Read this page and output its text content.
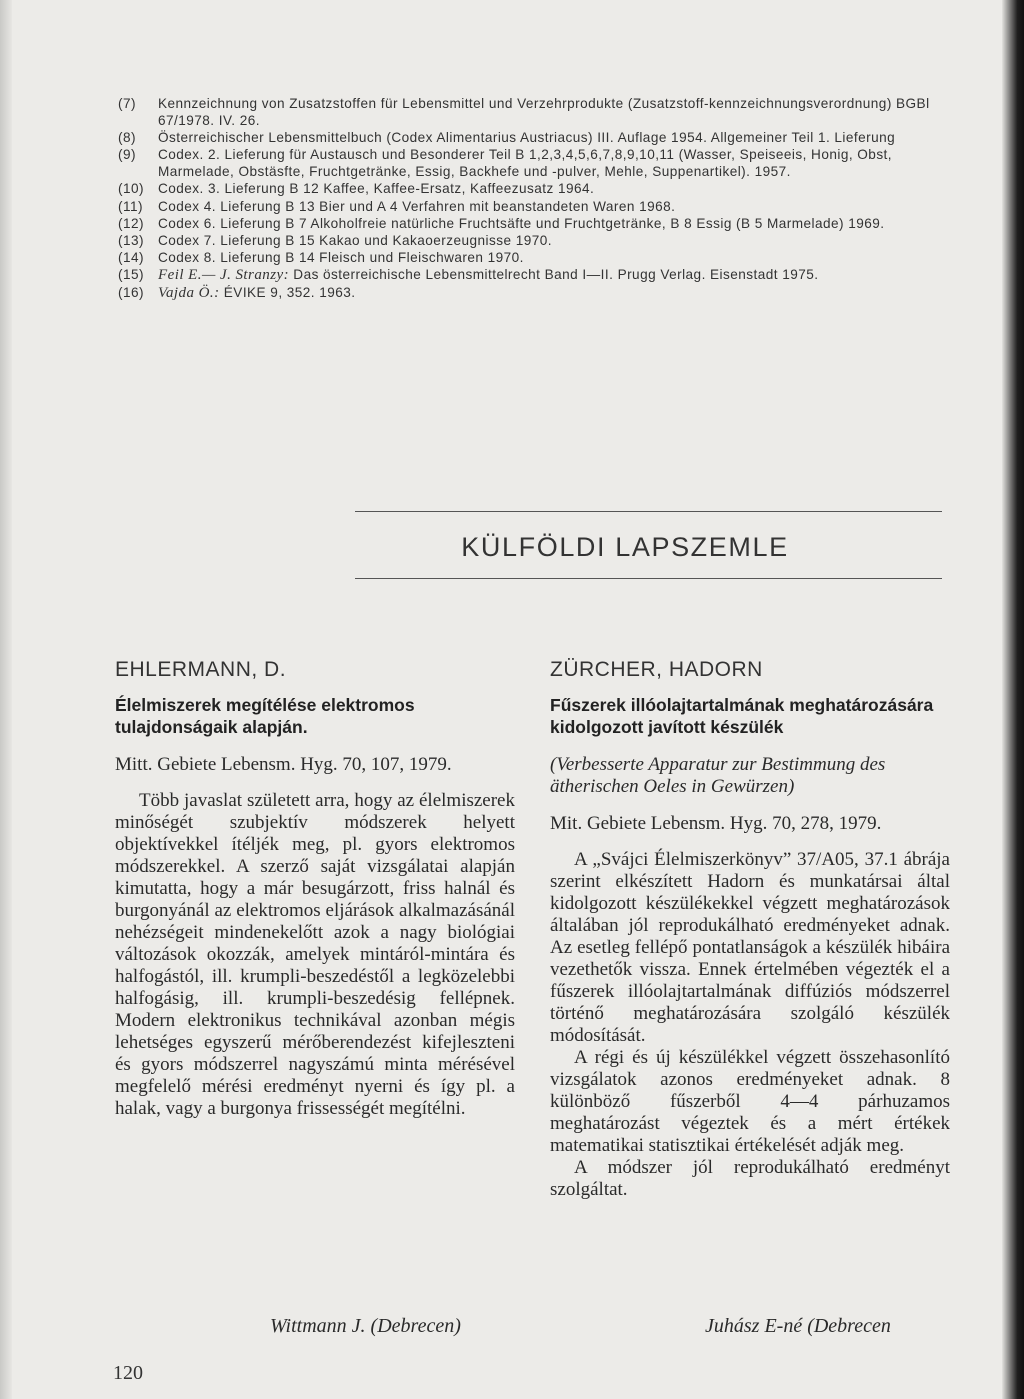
(7)	Kennzeichnung von Zusatzstoffen für Lebensmittel und Verzehrprodukte (Zusatzstoff-kennzeichnungsverordnung) BGBl 67/1978. IV. 26.
(8)	Österreichischer Lebensmittelbuch (Codex Alimentarius Austriacus) III. Auflage 1954. Allgemeiner Teil 1. Lieferung
(9)	Codex. 2. Lieferung für Austausch und Besonderer Teil B 1,2,3,4,5,6,7,8,9,10,11 (Wasser, Speiseeis, Honig, Obst, Marmelade, Obstäsfte, Fruchtgetränke, Essig, Backhefe und -pulver, Mehle, Suppenartikel). 1957.
(10)	Codex. 3. Lieferung B 12 Kaffee, Kaffee-Ersatz, Kaffeezusatz 1964.
(11)	Codex 4. Lieferung B 13 Bier und A 4 Verfahren mit beanstandeten Waren 1968.
(12)	Codex 6. Lieferung B 7 Alkoholfreie natürliche Fruchtsäfte und Fruchtgetränke, B 8 Essig (B 5 Marmelade) 1969.
(13)	Codex 7. Lieferung B 15 Kakao und Kakaoerzeugnisse 1970.
(14)	Codex 8. Lieferung B 14 Fleisch und Fleischwaren 1970.
(15) Feil E.— J. Stranzy: Das österreichische Lebensmittelrecht Band I—II. Prugg Verlag. Eisenstadt 1975.
(16) Vajda Ö.: ÉVIKE 9, 352. 1963.
KÜLFÖLDI LAPSZEMLE
EHLERMANN, D.
Élelmiszerek megítélése elektromos tulajdonságaik alapján.
Mitt. Gebiete Lebensm. Hyg. 70, 107, 1979.

Több javaslat született arra, hogy az élelmiszerek minőségét szubjektív módszerek helyett objektívekkel ítéljék meg, pl. gyors elektromos módszerekkel. A szerző saját vizsgálatai alapján kimutatta, hogy a már besugárzott, friss halnál és burgonyánál az elektromos eljárások alkalmazásánál nehézségeit mindenekelőtt azok a nagy biológiai változások okozzák, amelyek mintáról-mintára és halfogástól, ill. krumpli-beszedéstől a legközelebbi halfogásig, ill. krumpli-beszedésig fellépnek. Modern elektronikus technikával azonban mégis lehetséges egyszerű mérőberendezést kifejleszteni és gyors módszerrel nagyszámú minta mérésével megfelelő mérési eredményt nyerni és így pl. a halak, vagy a burgonya frissességét megítélni.

ZÜRCHER, HADORN
Fűszerek illóolajtartalmának meghatározására kidolgozott javított készülék
(Verbesserte Apparatur zur Bestimmung des ätherischen Oeles in Gewürzen)
Mit. Gebiete Lebensm. Hyg. 70, 278, 1979.

A „Svájci Élelmiszerkönyv” 37/A05, 37.1 ábrája szerint elkészített Hadorn és munkatársai által kidolgozott készülékekkel végzett meghatározások általában jól reprodukálható eredményeket adnak. Az esetleg fellépő pontatlanságok a készülék hibáira vezethetők vissza. Ennek értelmében végezték el a fűszerek illóolajtartalmának diffúziós módszerrel történő meghatározására szolgáló készülék módosítását.

A régi és új készülékkel végzett összehasonlító vizsgálatok azonos eredményeket adnak. 8 különböző fűszerből 4—4 párhuzamos meghatározást végeztek és a mért értékek matematikai statisztikai értékelését adják meg.

A módszer jól reprodukálható eredményt szolgáltat.

Wittmann J. (Debrecen)	Juhász E-né (Debrecen
120
